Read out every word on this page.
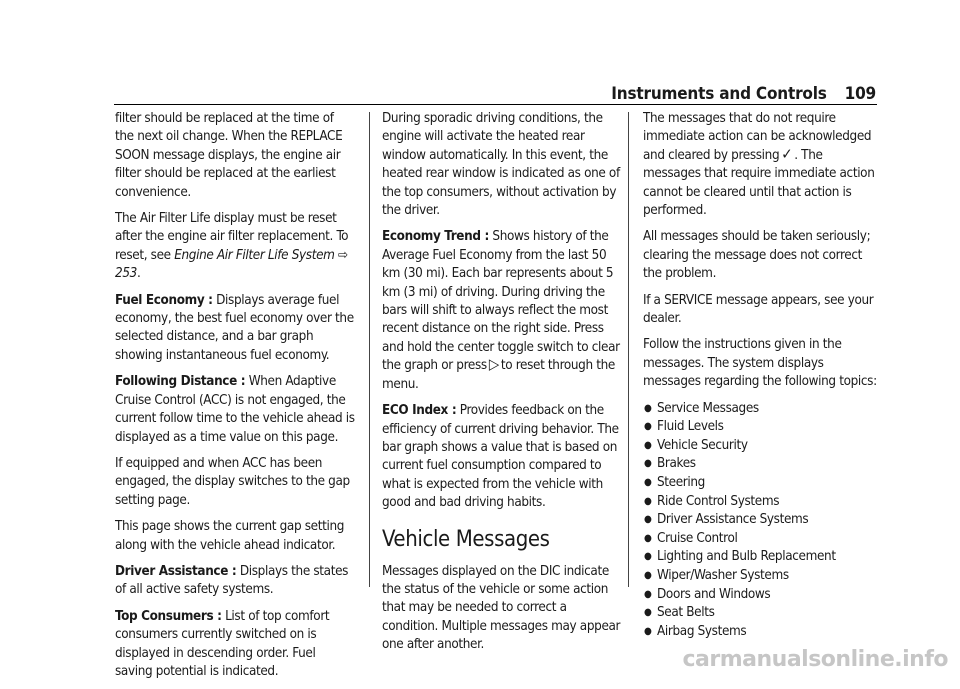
Instruments and Controls 109

filter should be replaced at the time of the next oil change. When the REPLACE SOON message displays, the engine air filter should be replaced at the earliest convenience.

The Air Filter Life display must be reset after the engine air filter replacement. To reset, see Engine Air Filter Life System ⇨ 253.

Fuel Economy : Displays average fuel economy, the best fuel economy over the selected distance, and a bar graph showing instantaneous fuel economy.

Following Distance : When Adaptive Cruise Control (ACC) is not engaged, the current follow time to the vehicle ahead is displayed as a time value on this page.

If equipped and when ACC has been engaged, the display switches to the gap setting page.

This page shows the current gap setting along with the vehicle ahead indicator.

Driver Assistance : Displays the states of all active safety systems.

Top Consumers : List of top comfort consumers currently switched on is displayed in descending order. Fuel saving potential is indicated.

During sporadic driving conditions, the engine will activate the heated rear window automatically. In this event, the heated rear window is indicated as one of the top consumers, without activation by the driver.

Economy Trend : Shows history of the Average Fuel Economy from the last 50 km (30 mi). Each bar represents about 5 km (3 mi) of driving. During driving the bars will shift to always reflect the most recent distance on the right side. Press and hold the center toggle switch to clear the graph or press ▷ to reset through the menu.

ECO Index : Provides feedback on the efficiency of current driving behavior. The bar graph shows a value that is based on current fuel consumption compared to what is expected from the vehicle with good and bad driving habits.

Vehicle Messages

Messages displayed on the DIC indicate the status of the vehicle or some action that may be needed to correct a condition. Multiple messages may appear one after another.

The messages that do not require immediate action can be acknowledged and cleared by pressing ✓ . The messages that require immediate action cannot be cleared until that action is performed.

All messages should be taken seriously; clearing the message does not correct the problem.

If a SERVICE message appears, see your dealer.

Follow the instructions given in the messages. The system displays messages regarding the following topics:

● Service Messages
● Fluid Levels
● Vehicle Security
● Brakes
● Steering
● Ride Control Systems
● Driver Assistance Systems
● Cruise Control
● Lighting and Bulb Replacement
● Wiper/Washer Systems
● Doors and Windows
● Seat Belts
● Airbag Systems
carmanualsonline.info
